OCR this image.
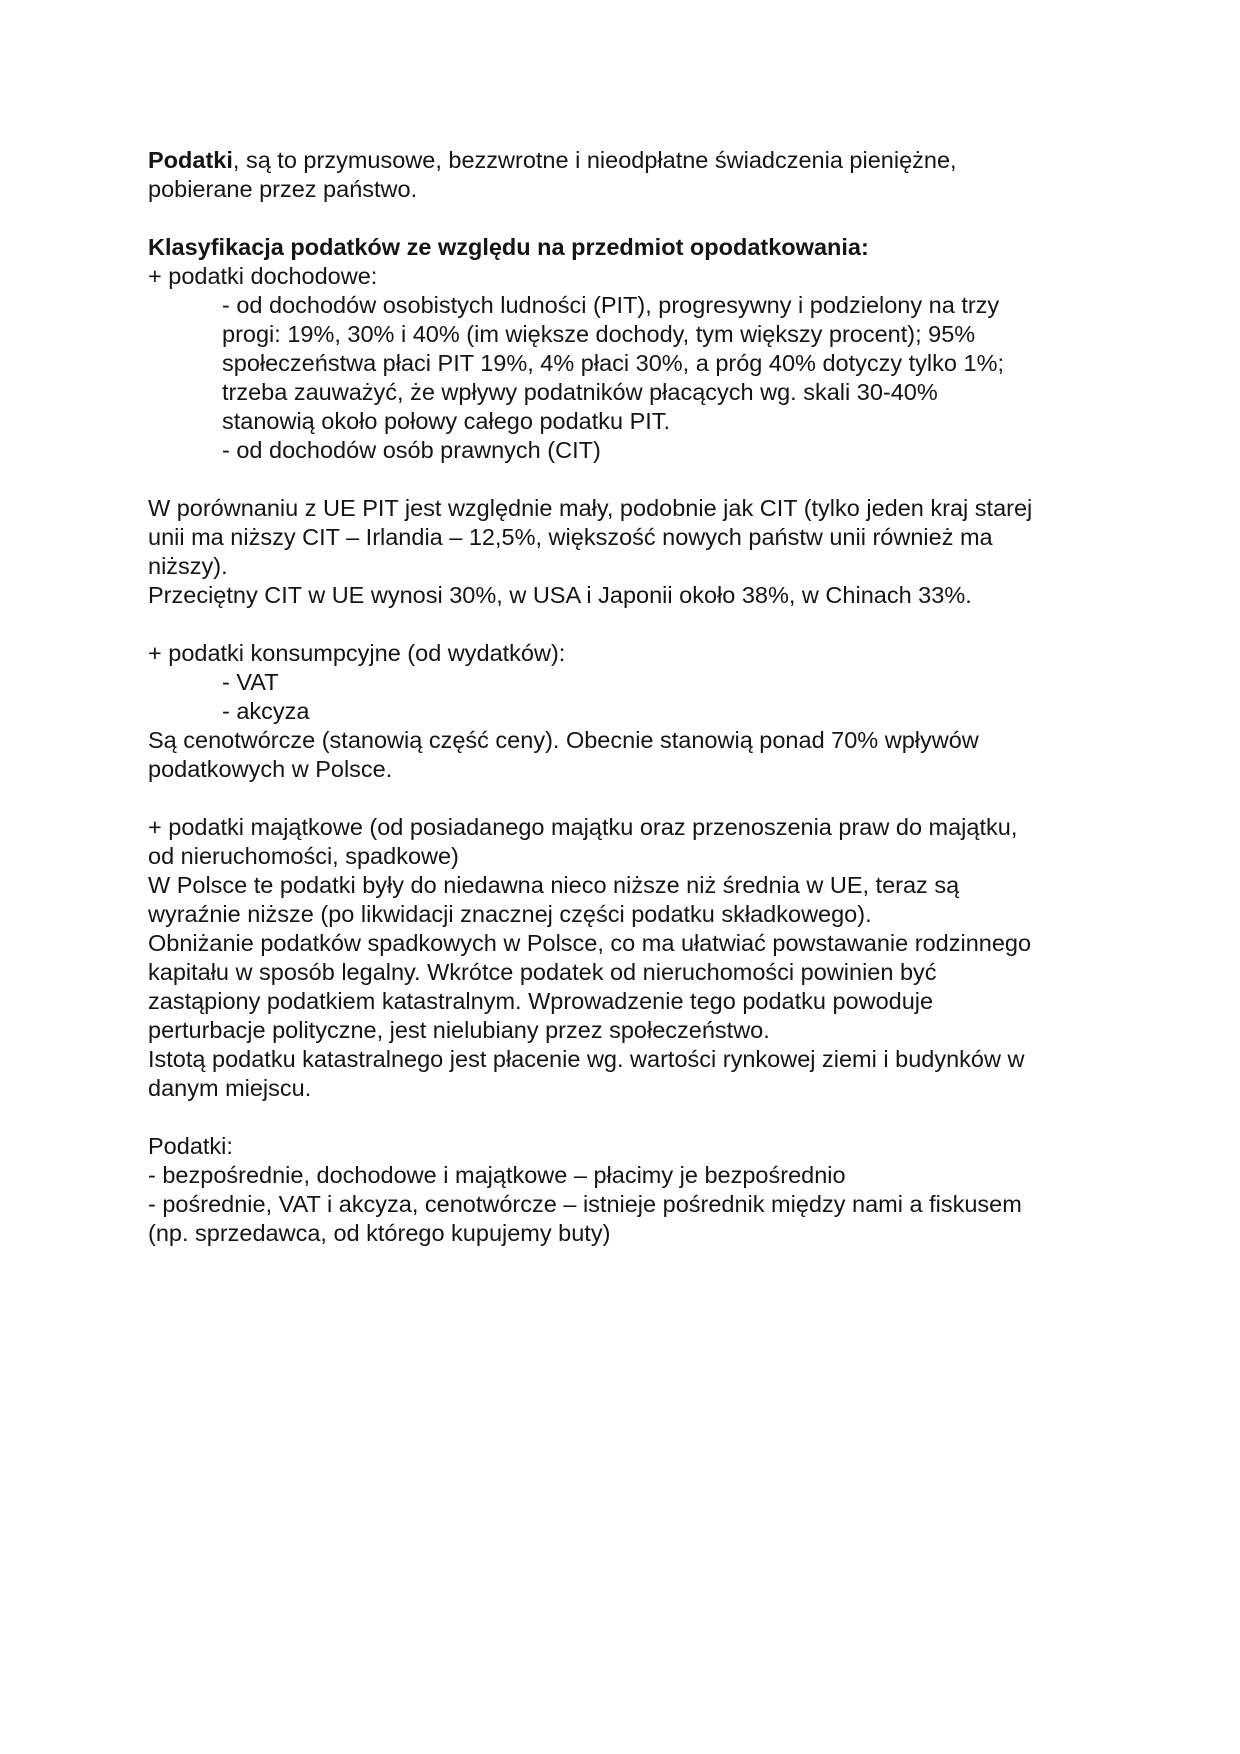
Podatki, są to przymusowe, bezzwrotne i nieodpłatne świadczenia pieniężne,
pobierane przez państwo.
Klasyfikacja podatków ze względu na przedmiot opodatkowania:
+ podatki dochodowe:
- od dochodów osobistych ludności (PIT), progresywny i podzielony na trzy
progi: 19%, 30% i 40% (im większe dochody, tym większy procent); 95%
społeczeństwa płaci PIT 19%, 4% płaci 30%, a próg 40% dotyczy tylko 1%;
trzeba zauważyć, że wpływy podatników płacących wg. skali 30-40%
stanowią około połowy całego podatku PIT.
- od dochodów osób prawnych (CIT)
W porównaniu z UE PIT jest względnie mały, podobnie jak CIT (tylko jeden kraj starej
unii ma niższy CIT – Irlandia – 12,5%, większość nowych państw unii również ma
niższy).
Przeciętny CIT w UE wynosi 30%, w USA i Japonii około 38%, w Chinach 33%.
+ podatki konsumpcyjne (od wydatków):
- VAT
- akcyza
Są cenotwórcze (stanowią część ceny). Obecnie stanowią ponad 70% wpływów
podatkowych w Polsce.
+ podatki majątkowe (od posiadanego majątku oraz przenoszenia praw do majątku,
od nieruchomości, spadkowe)
W Polsce te podatki były do niedawna nieco niższe niż średnia w UE, teraz są
wyraźnie niższe (po likwidacji znacznej części podatku składkowego).
Obniżanie podatków spadkowych w Polsce, co ma ułatwiać powstawanie rodzinnego
kapitału w sposób legalny. Wkrótce podatek od nieruchomości powinien być
zastąpiony podatkiem katastralnym. Wprowadzenie tego podatku powoduje
perturbacje polityczne, jest nielubiany przez społeczeństwo.
Istotą podatku katastralnego jest płacenie wg. wartości rynkowej ziemi i budynków w
danym miejscu.
Podatki:
- bezpośrednie, dochodowe i majątkowe – płacimy je bezpośrednio
- pośrednie, VAT i akcyza, cenotwórcze – istnieje pośrednik między nami a fiskusem
(np. sprzedawca, od którego kupujemy buty)
